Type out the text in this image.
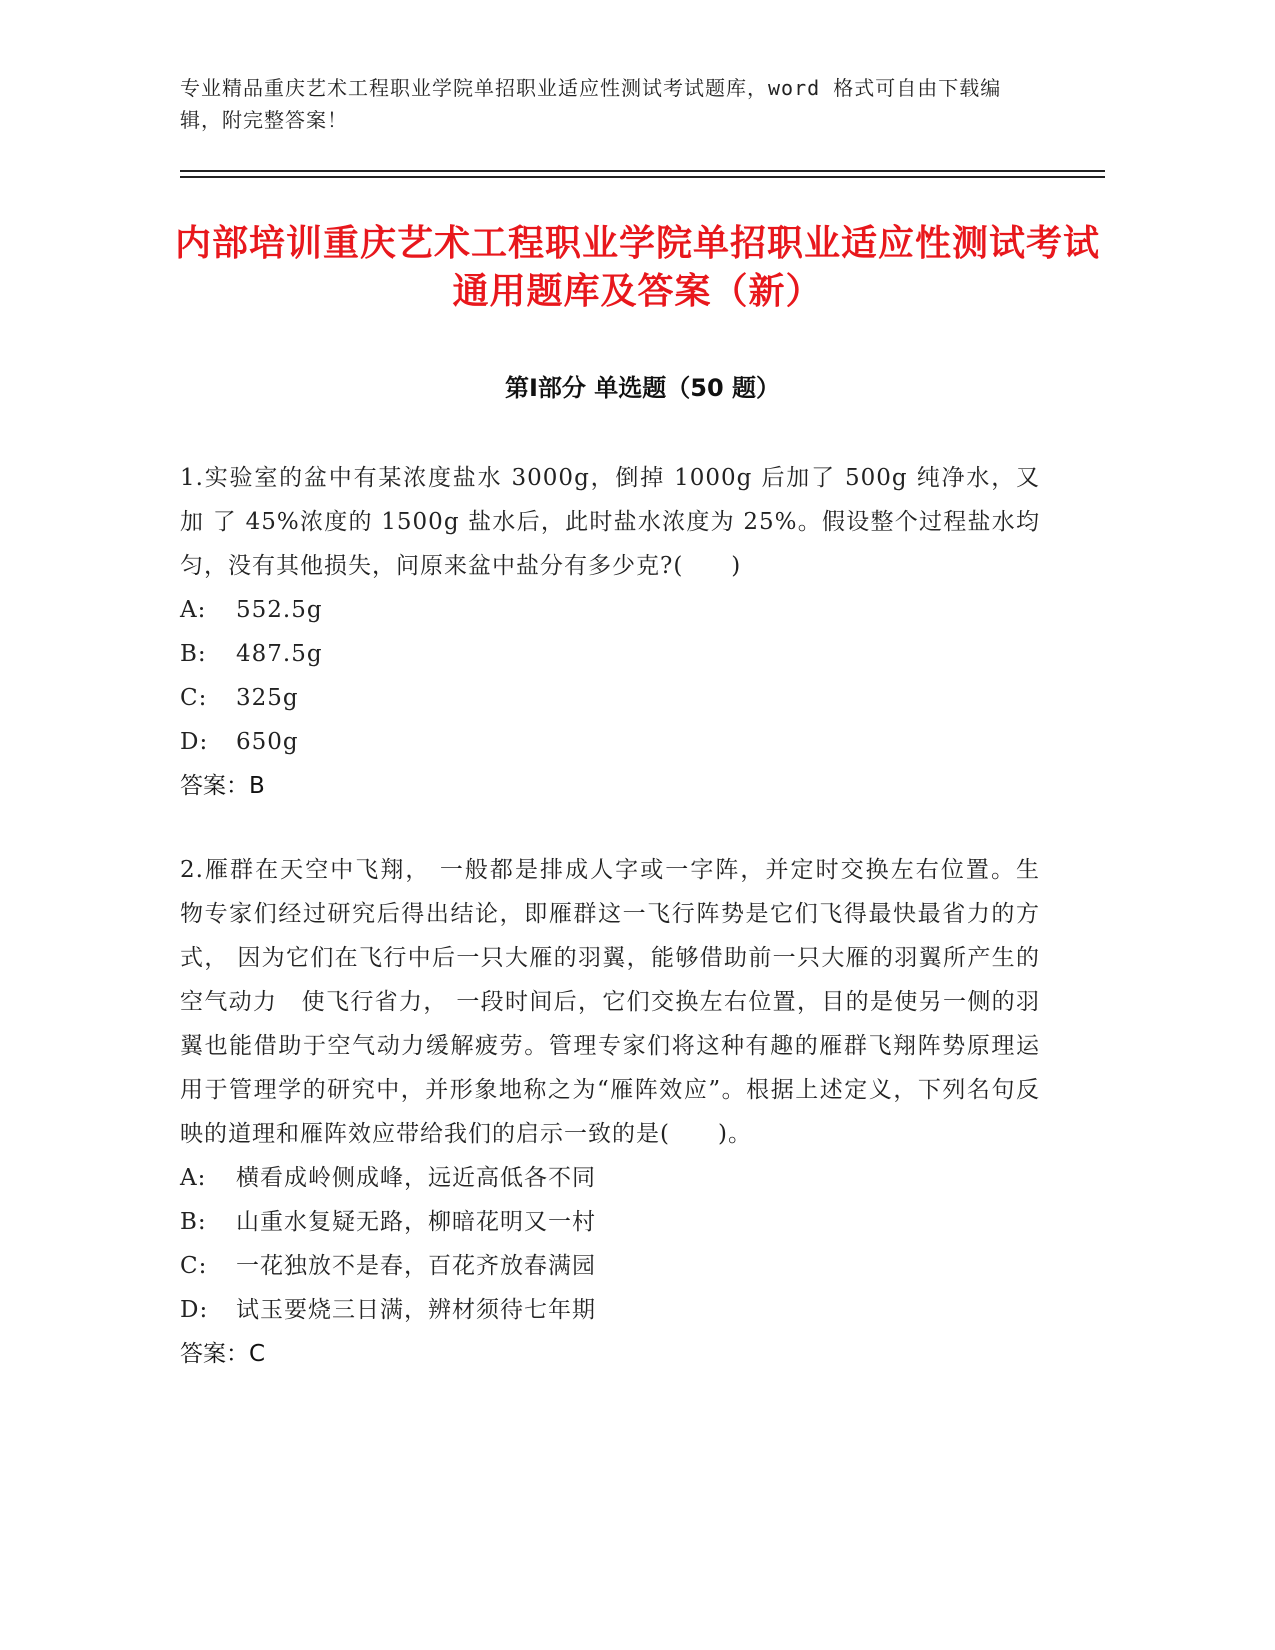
专业精品重庆艺术工程职业学院单招职业适应性测试考试题库，word 格式可自由下载编辑，附完整答案！

内部培训重庆艺术工程职业学院单招职业适应性测试考试通用题库及答案（新）
第Ⅰ部分 单选题（50 题）

1.实验室的盆中有某浓度盐水 3000g，倒掉 1000g 后加了 500g 纯净水，又加 了 45%浓度的 1500g 盐水后，此时盐水浓度为 25%。假设整个过程盐水均匀，没有其他损失，问原来盆中盐分有多少克?(　　)

A: 552.5g
B: 487.5g
C: 325g
D: 650g
答案：B

2.雁群在天空中飞翔， 一般都是排成人字或一字阵，并定时交换左右位置。生　物专家们经过研究后得出结论，即雁群这一飞行阵势是它们飞得最快最省力的方式， 因为它们在飞行中后一只大雁的羽翼，能够借助前一只大雁的羽翼所产生的空气动力　使飞行省力， 一段时间后，它们交换左右位置，目的是使另一侧的羽翼也能借助于空气动力缓解疲劳。管理专家们将这种有趣的雁群飞翔阵势原理运用于管理学的研究中，并形象地称之为“雁阵效应”。根据上述定义，下列名句反映的道理和雁阵效应带给我们的启示一致的是(　　)。

A: 横看成岭侧成峰，远近高低各不同
B: 山重水复疑无路，柳暗花明又一村
C: 一花独放不是春，百花齐放春满园
D: 试玉要烧三日满，辨材须待七年期
答案：C
